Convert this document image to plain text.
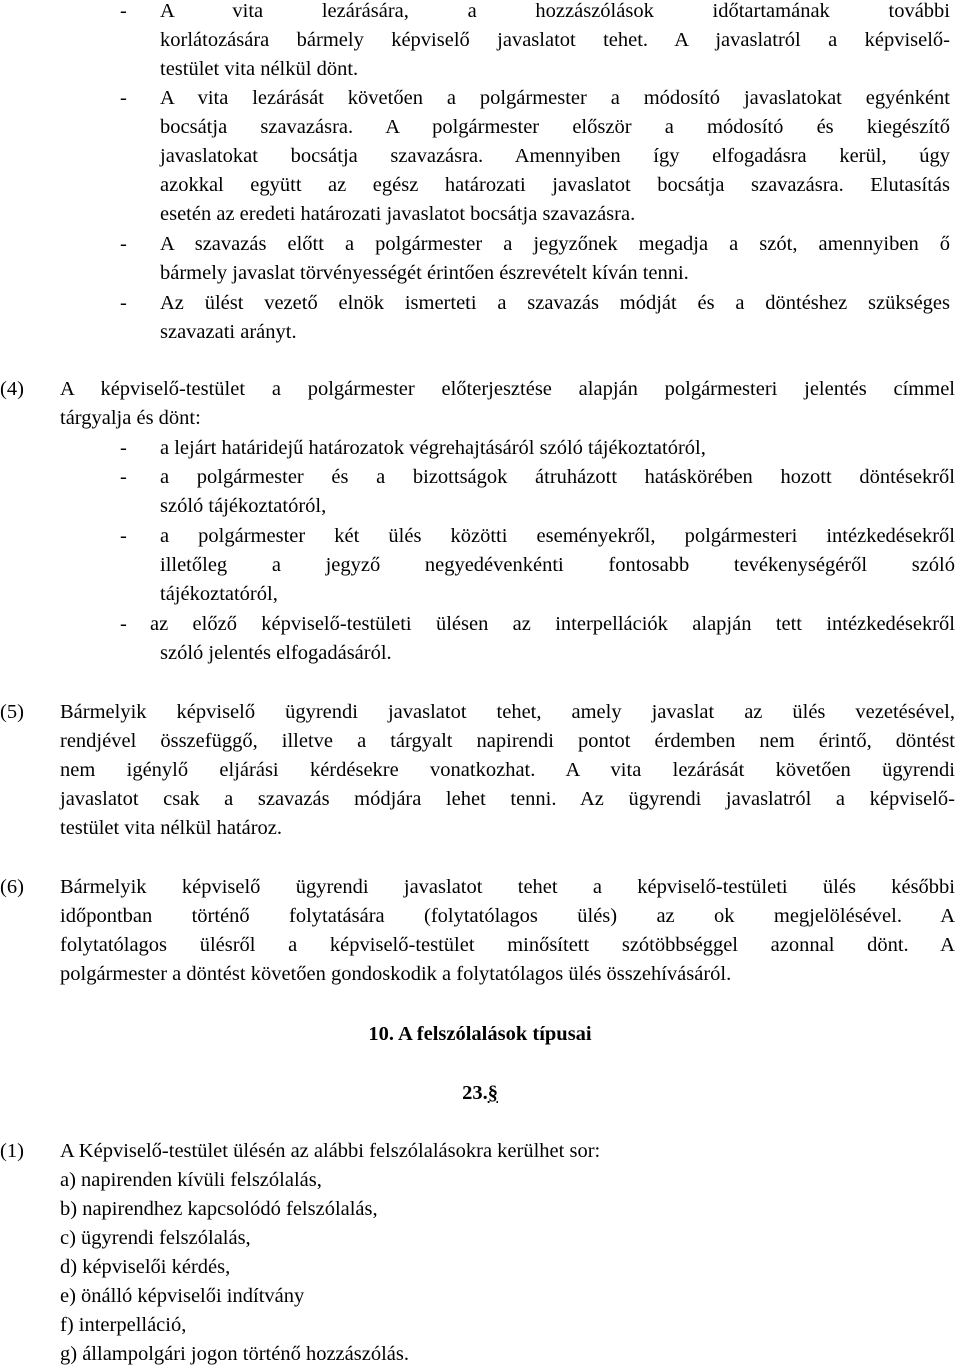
- A vita lezárására, a hozzászólások időtartamának további
korlátozására bármely képviselő javaslatot tehet. A javaslatról a képviselő-
testület vita nélkül dönt.
- A vita lezárását követően a polgármester a módosító javaslatokat egyénként
bocsátja szavazásra. A polgármester először a módosító és kiegészítő
javaslatokat bocsátja szavazásra. Amennyiben így elfogadásra kerül, úgy
azokkal együtt az egész határozati javaslatot bocsátja szavazásra. Elutasítás
esetén az eredeti határozati javaslatot bocsátja szavazásra.
- A szavazás előtt a polgármester a jegyzőnek megadja a szót, amennyiben ő
bármely javaslat törvényességét érintően észrevételt kíván tenni.
- Az ülést vezető elnök ismerteti a szavazás módját és a döntéshez szükséges
szavazati arányt.
(4) A képviselő-testület a polgármester előterjesztése alapján polgármesteri jelentés címmel
tárgyalja és dönt:
- a lejárt határidejű határozatok végrehajtásáról szóló tájékoztatóról,
- a polgármester és a bizottságok átruházott hatáskörében hozott döntésekről
szóló tájékoztatóról,
- a polgármester két ülés közötti eseményekről, polgármesteri intézkedésekről
illetőleg a jegyző negyedévenkénti fontosabb tevékenységéről szóló
tájékoztatóról,
- az előző képviselő-testületi ülésen az interpellációk alapján tett intézkedésekről
szóló jelentés elfogadásáról.
(5) Bármelyik képviselő ügyrendi javaslatot tehet, amely javaslat az ülés vezetésével,
rendjével összefüggő, illetve a tárgyalt napirendi pontot érdemben nem érintő, döntést
nem igénylő eljárási kérdésekre vonatkozhat. A vita lezárását követően ügyrendi
javaslatot csak a szavazás módjára lehet tenni. Az ügyrendi javaslatról a képviselő-
testület vita nélkül határoz.
(6) Bármelyik képviselő ügyrendi javaslatot tehet a képviselő-testületi ülés későbbi
időpontban történő folytatására (folytatólagos ülés) az ok megjelölésével. A
folytatólagos ülésről a képviselő-testület minősített szótöbbséggel azonnal dönt. A
polgármester a döntést követően gondoskodik a folytatólagos ülés összehívásáról.
10. A felszólalások típusai
23.§
(1) A Képviselő-testület ülésén az alábbi felszólalásokra kerülhet sor:
a) napirenden kívüli felszólalás,
b) napirendhez kapcsolódó felszólalás,
c) ügyrendi felszólalás,
d) képviselői kérdés,
e) önálló képviselői indítvány
f) interpelláció,
g) állampolgári jogon történő hozzászólás.
